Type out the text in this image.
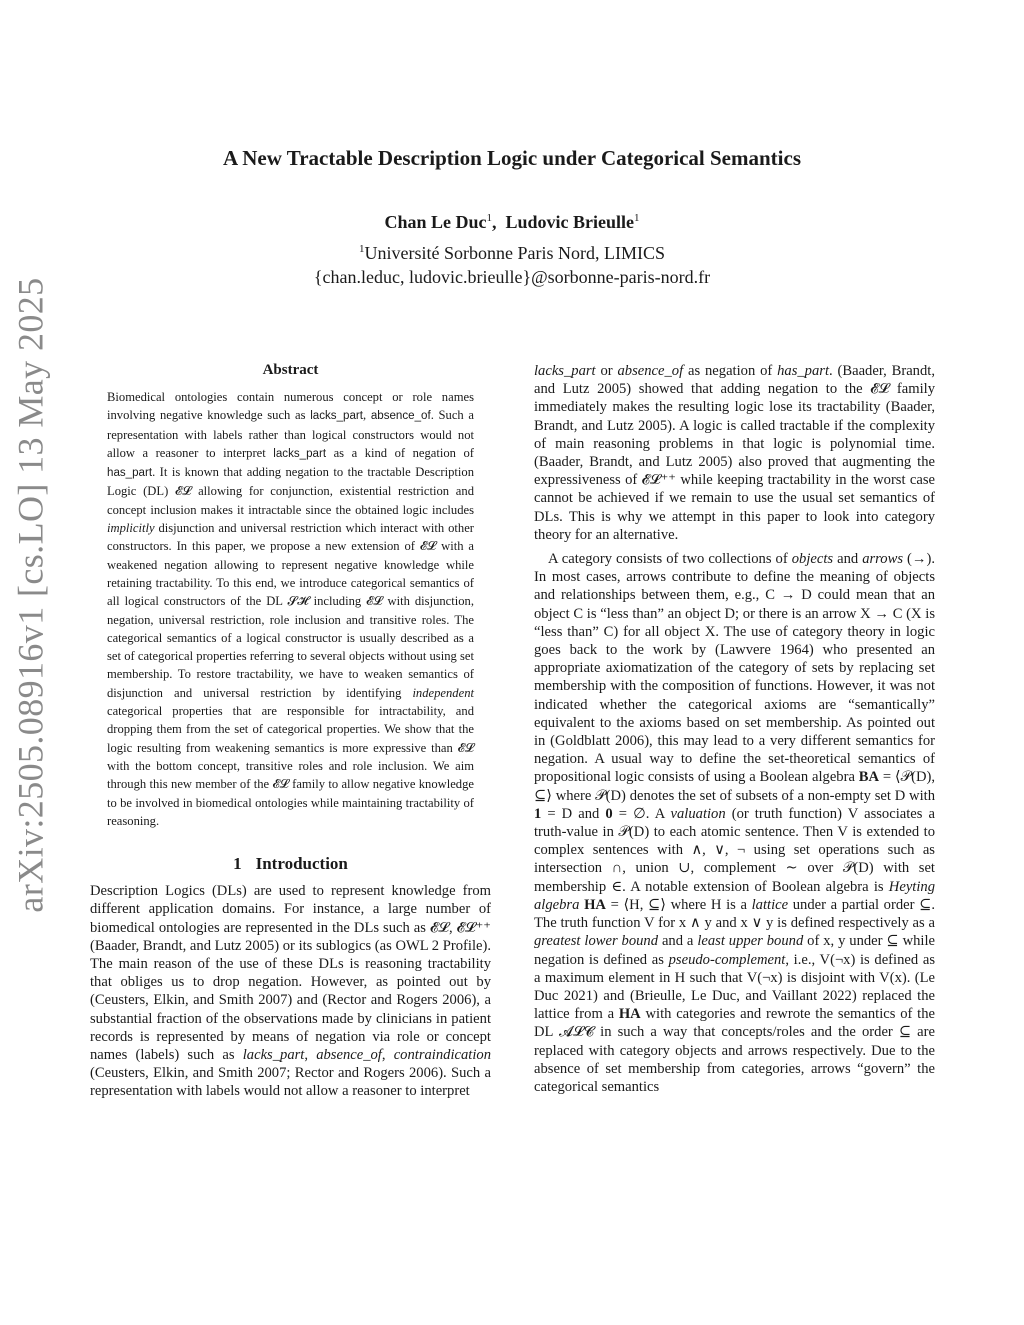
arXiv:2505.08916v1 [cs.LO] 13 May 2025
A New Tractable Description Logic under Categorical Semantics
Chan Le Duc$^1$, Ludovic Brieulle$^1$
$^1$Université Sorbonne Paris Nord, LIMICS
{chan.leduc, ludovic.brieulle}@sorbonne-paris-nord.fr
Abstract

Biomedical ontologies contain numerous concept or role names involving negative knowledge such as lacks_part, absence_of. Such a representation with labels rather than logical constructors would not allow a reasoner to interpret lacks_part as a kind of negation of has_part. It is known that adding negation to the tractable Description Logic (DL) 𝓔𝓛 allowing for conjunction, existential restriction and concept inclusion makes it intractable since the obtained logic includes implicitly disjunction and universal restriction which interact with other constructors. In this paper, we propose a new extension of 𝓔𝓛 with a weakened negation allowing to represent negative knowledge while retaining tractability. To this end, we introduce categorical semantics of all logical constructors of the DL 𝓢𝓗 including 𝓔𝓛 with disjunction, negation, universal restriction, role inclusion and transitive roles. The categorical semantics of a logical constructor is usually described as a set of categorical properties referring to several objects without using set membership. To restore tractability, we have to weaken semantics of disjunction and universal restriction by identifying independent categorical properties that are responsible for intractability, and dropping them from the set of categorical properties. We show that the logic resulting from weakening semantics is more expressive than 𝓔𝓛 with the bottom concept, transitive roles and role inclusion. We aim through this new member of the 𝓔𝓛 family to allow negative knowledge to be involved in biomedical ontologies while maintaining tractability of reasoning.

1 Introduction

Description Logics (DLs) are used to represent knowledge from different application domains. For instance, a large number of biomedical ontologies are represented in the DLs such as 𝓔𝓛, 𝓔𝓛⁺⁺ (Baader, Brandt, and Lutz 2005) or its sublogics (as OWL 2 Profile). The main reason of the use of these DLs is reasoning tractability that obliges us to drop negation. However, as pointed out by (Ceusters, Elkin, and Smith 2007) and (Rector and Rogers 2006), a substantial fraction of the observations made by clinicians in patient records is represented by means of negation via role or concept names (labels) such as lacks_part, absence_of, contraindication (Ceusters, Elkin, and Smith 2007; Rector and Rogers 2006). Such a representation with labels would not allow a reasoner to interpret

lacks_part or absence_of as negation of has_part. (Baader, Brandt, and Lutz 2005) showed that adding negation to the 𝓔𝓛 family immediately makes the resulting logic lose its tractability (Baader, Brandt, and Lutz 2005). A logic is called tractable if the complexity of main reasoning problems in that logic is polynomial time. (Baader, Brandt, and Lutz 2005) also proved that augmenting the expressiveness of 𝓔𝓛⁺⁺ while keeping tractability in the worst case cannot be achieved if we remain to use the usual set semantics of DLs. This is why we attempt in this paper to look into category theory for an alternative.

A category consists of two collections of objects and arrows (→). In most cases, arrows contribute to define the meaning of objects and relationships between them, e.g., C → D could mean that an object C is “less than” an object D; or there is an arrow X → C (X is “less than” C) for all object X. The use of category theory in logic goes back to the work by (Lawvere 1964) who presented an appropriate axiomatization of the category of sets by replacing set membership with the composition of functions. However, it was not indicated whether the categorical axioms are “semantically” equivalent to the axioms based on set membership. As pointed out in (Goldblatt 2006), this may lead to a very different semantics for negation. A usual way to define the set-theoretical semantics of propositional logic consists of using a Boolean algebra BA = ⟨𝒫(D), ⊆⟩ where 𝒫(D) denotes the set of subsets of a non-empty set D with 1 = D and 0 = ∅. A valuation (or truth function) V associates a truth-value in 𝒫(D) to each atomic sentence. Then V is extended to complex sentences with ∧, ∨, ¬ using set operations such as intersection ∩, union ∪, complement ∼ over 𝒫(D) with set membership ∈. A notable extension of Boolean algebra is Heyting algebra HA = ⟨H, ⊆⟩ where H is a lattice under a partial order ⊆. The truth function V for x ∧ y and x ∨ y is defined respectively as a greatest lower bound and a least upper bound of x, y under ⊆ while negation is defined as pseudo-complement, i.e., V(¬x) is defined as a maximum element in H such that V(¬x) is disjoint with V(x). (Le Duc 2021) and (Brieulle, Le Duc, and Vaillant 2022) replaced the lattice from a HA with categories and rewrote the semantics of the DL 𝓐𝓛𝓒 in such a way that concepts/roles and the order ⊆ are replaced with category objects and arrows respectively. Due to the absence of set membership from categories, arrows “govern” the categorical semantics
